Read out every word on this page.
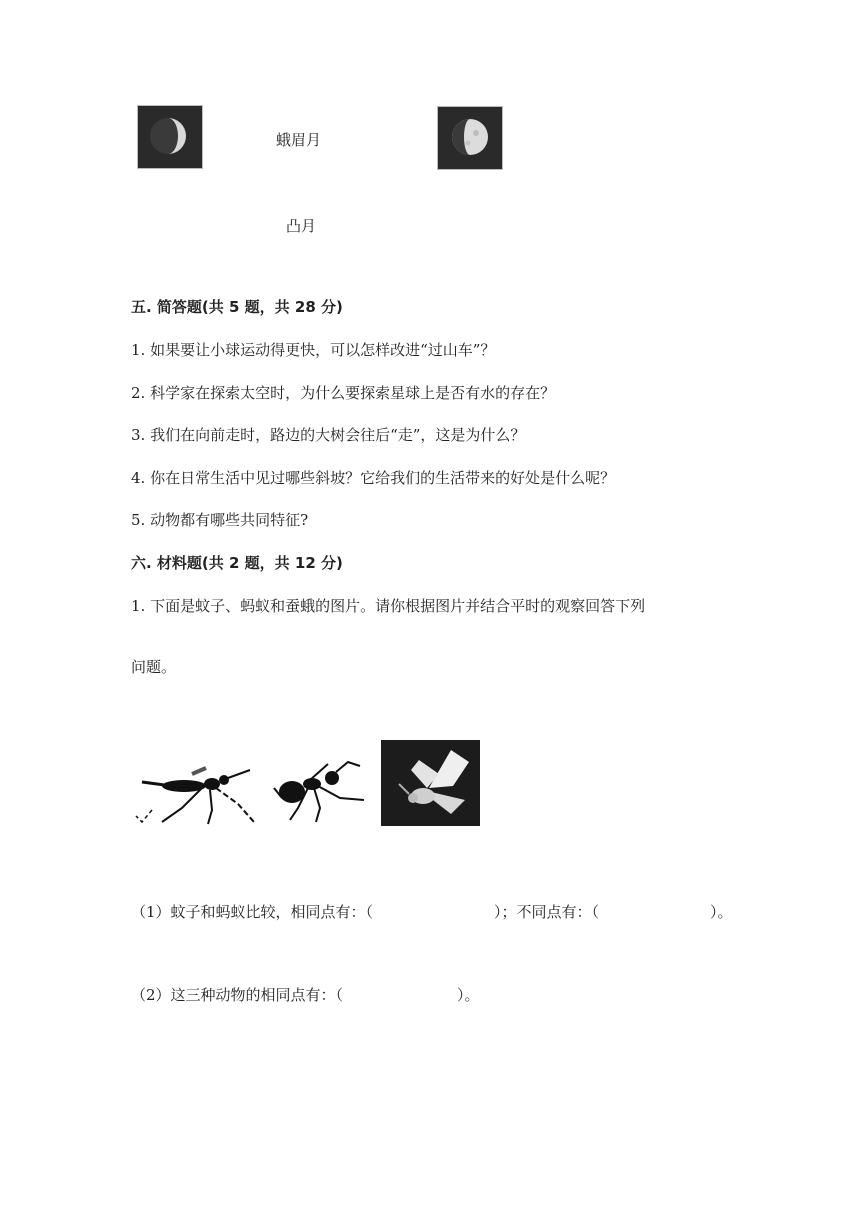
蛾眉月
凸月
五. 简答题(共 5 题，共 28 分)
1. 如果要让小球运动得更快，可以怎样改进“过山车”？
2. 科学家在探索太空时，为什么要探索星球上是否有水的存在？
3. 我们在向前走时，路边的大树会往后“走”，这是为什么？
4. 你在日常生活中见过哪些斜坡？它给我们的生活带来的好处是什么呢？
5. 动物都有哪些共同特征?
六. 材料题(共 2 题，共 12 分)
1. 下面是蚊子、蚂蚁和蚕蛾的图片。请你根据图片并结合平时的观察回答下列
问题。
（1）蚊子和蚂蚁比较，相同点有：（	）；不同点有：（	）。
（2）这三种动物的相同点有：（	）。
